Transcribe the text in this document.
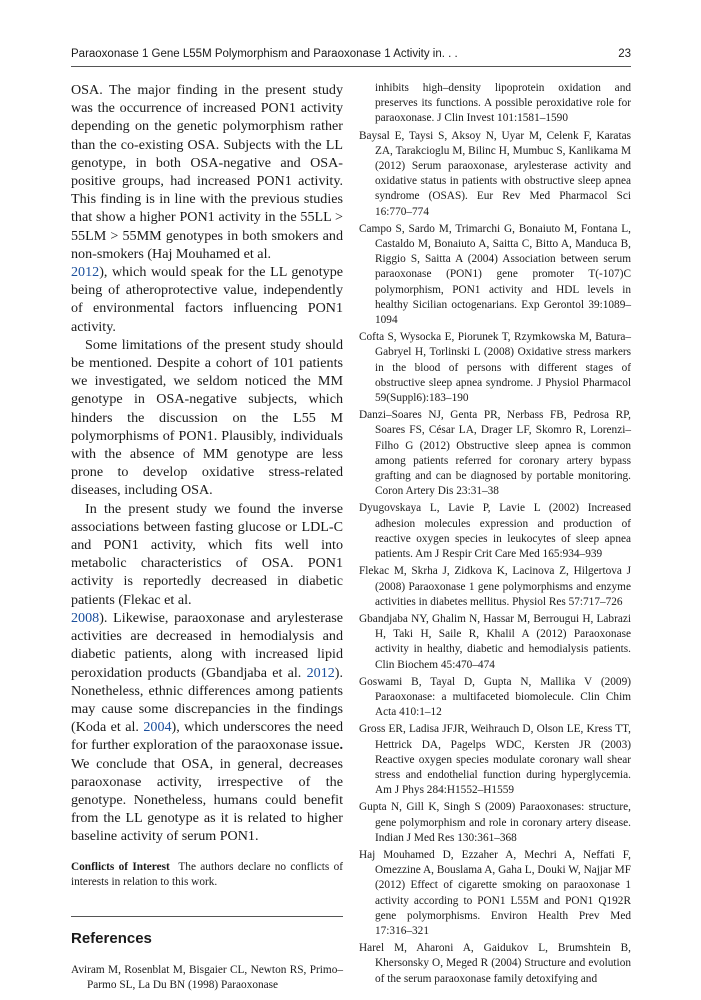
Paraoxonase 1 Gene L55M Polymorphism and Paraoxonase 1 Activity in. . .	23

OSA. The major finding in the present study was the occurrence of increased PON1 activity depending on the genetic polymorphism rather than the co-existing OSA. Subjects with the LL genotype, in both OSA-negative and OSA-positive groups, had increased PON1 activity. This finding is in line with the previous studies that show a higher PON1 activity in the 55LL > 55LM > 55MM genotypes in both smokers and non-smokers (Haj Mouhamed et al.
2012), which would speak for the LL genotype being of atheroprotective value, independently of environmental factors influencing PON1 activity.

Some limitations of the present study should be mentioned. Despite a cohort of 101 patients we investigated, we seldom noticed the MM genotype in OSA-negative subjects, which hinders the discussion on the L55 M polymorphisms of PON1. Plausibly, individuals with the absence of MM genotype are less prone to develop oxidative stress-related diseases, including OSA.

In the present study we found the inverse associations between fasting glucose or LDL-C and PON1 activity, which fits well into metabolic characteristics of OSA. PON1 activity is reportedly decreased in diabetic patients (Flekac et al.
2008). Likewise, paraoxonase and arylesterase activities are decreased in hemodialysis and diabetic patients, along with increased lipid peroxidation products (Gbandjaba et al. 2012). Nonetheless, ethnic differences among patients may cause some discrepancies in the findings (Koda et al. 2004), which underscores the need for further exploration of the paraoxonase issue. We conclude that OSA, in general, decreases paraoxonase activity, irrespective of the genotype. Nonetheless, humans could benefit from the LL genotype as it is related to higher baseline activity of serum PON1.

Conflicts of Interest The authors declare no conflicts of interests in relation to this work.

References

Aviram M, Rosenblat M, Bisgaier CL, Newton RS, Primo–Parmo SL, La Du BN (1998) Paraoxonase

inhibits high–density lipoprotein oxidation and preserves its functions. A possible peroxidative role for paraoxonase. J Clin Invest 101:1581–1590

Baysal E, Taysi S, Aksoy N, Uyar M, Celenk F, Karatas ZA, Tarakcioglu M, Bilinc H, Mumbuc S, Kanlikama M (2012) Serum paraoxonase, arylesterase activity and oxidative status in patients with obstructive sleep apnea syndrome (OSAS). Eur Rev Med Pharmacol Sci 16:770–774

Campo S, Sardo M, Trimarchi G, Bonaiuto M, Fontana L, Castaldo M, Bonaiuto A, Saitta C, Bitto A, Manduca B, Riggio S, Saitta A (2004) Association between serum paraoxonase (PON1) gene promoter T(-107)C polymorphism, PON1 activity and HDL levels in healthy Sicilian octogenarians. Exp Gerontol 39:1089–1094

Cofta S, Wysocka E, Piorunek T, Rzymkowska M, Batura–Gabryel H, Torlinski L (2008) Oxidative stress markers in the blood of persons with different stages of obstructive sleep apnea syndrome. J Physiol Pharmacol 59(Suppl6):183–190

Danzi–Soares NJ, Genta PR, Nerbass FB, Pedrosa RP, Soares FS, César LA, Drager LF, Skomro R, Lorenzi–Filho G (2012) Obstructive sleep apnea is common among patients referred for coronary artery bypass grafting and can be diagnosed by portable monitoring. Coron Artery Dis 23:31–38

Dyugovskaya L, Lavie P, Lavie L (2002) Increased adhesion molecules expression and production of reactive oxygen species in leukocytes of sleep apnea patients. Am J Respir Crit Care Med 165:934–939

Flekac M, Skrha J, Zidkova K, Lacinova Z, Hilgertova J (2008) Paraoxonase 1 gene polymorphisms and enzyme activities in diabetes mellitus. Physiol Res 57:717–726

Gbandjaba NY, Ghalim N, Hassar M, Berrougui H, Labrazi H, Taki H, Saile R, Khalil A (2012) Paraoxonase activity in healthy, diabetic and hemodialysis patients. Clin Biochem 45:470–474

Goswami B, Tayal D, Gupta N, Mallika V (2009) Paraoxonase: a multifaceted biomolecule. Clin Chim Acta 410:1–12

Gross ER, Ladisa JFJR, Weihrauch D, Olson LE, Kress TT, Hettrick DA, Pagelps WDC, Kersten JR (2003) Reactive oxygen species modulate coronary wall shear stress and endothelial function during hyperglycemia. Am J Phys 284:H1552–H1559

Gupta N, Gill K, Singh S (2009) Paraoxonases: structure, gene polymorphism and role in coronary artery disease. Indian J Med Res 130:361–368

Haj Mouhamed D, Ezzaher A, Mechri A, Neffati F, Omezzine A, Bouslama A, Gaha L, Douki W, Najjar MF (2012) Effect of cigarette smoking on paraoxonase 1 activity according to PON1 L55M and PON1 Q192R gene polymorphisms. Environ Health Prev Med 17:316–321

Harel M, Aharoni A, Gaidukov L, Brumshtein B, Khersonsky O, Meged R (2004) Structure and evolution of the serum paraoxonase family detoxifying and
